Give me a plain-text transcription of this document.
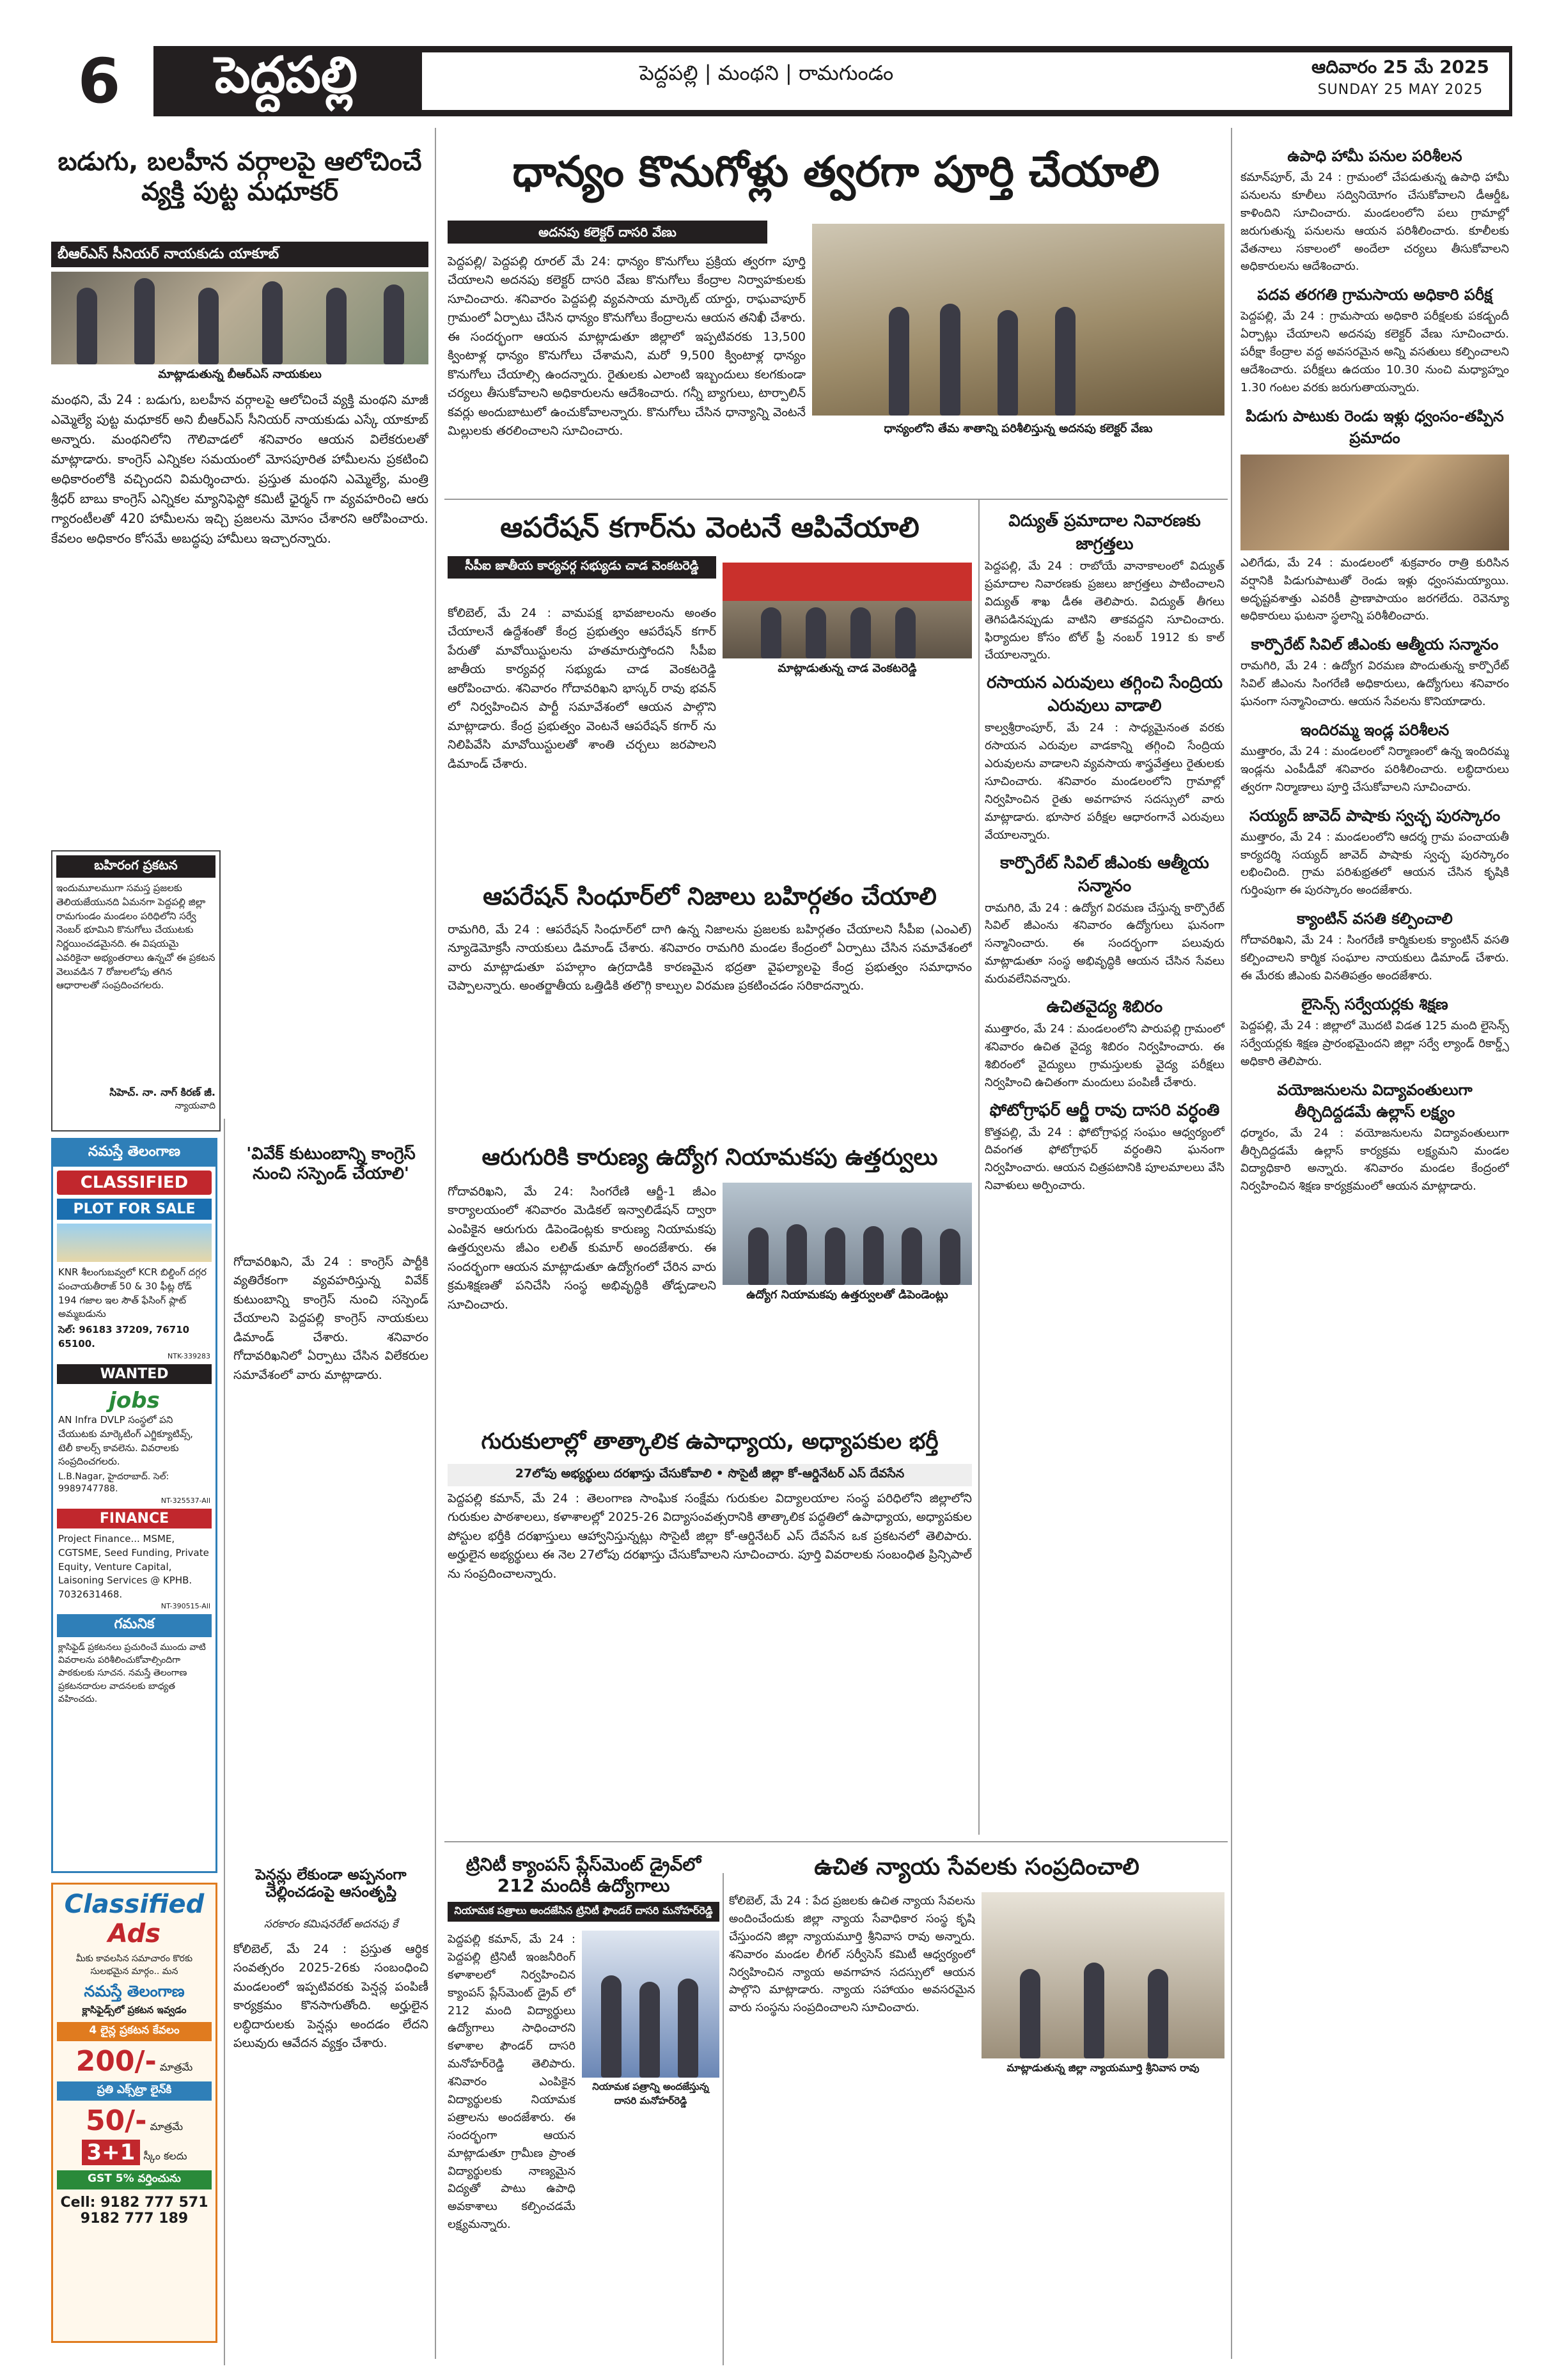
6	పెద్దపల్లి	పెద్దపల్లి | మంథని | రామగుండం	ఆదివారం 25 మే 2025
SUNDAY 25 MAY 2025
బడుగు, బలహీన వర్గాలపై ఆలోచించే వ్యక్తి పుట్ట మధూకర్
బీఆర్ఎస్ సీనియర్ నాయకుడు యాకూబ్
మాట్లాడుతున్న బీఆర్ఎస్ నాయకులు
మంథని, మే 24 : బడుగు, బలహీన వర్గాలపై ఆలోచించే వ్యక్తి మంథని మాజీ ఎమ్మెల్యే పుట్ట మధూకర్ అని బీఆర్ఎస్ సీనియర్ నాయకుడు ఎస్కే యాకూబ్ అన్నారు. మంథనిలోని గౌలివాడలో శనివారం ఆయన విలేకరులతో మాట్లాడారు. కాంగ్రెస్ ఎన్నికల సమయంలో మోసపూరిత హామీలను ప్రకటించి అధికారంలోకి వచ్చిందని విమర్శించారు. ప్రస్తుత మంథని ఎమ్మెల్యే, మంత్రి శ్రీధర్ బాబు కాంగ్రెస్ ఎన్నికల మ్యానిఫెస్టో కమిటీ ఛైర్మన్ గా వ్యవహరించి ఆరు గ్యారంటీలతో 420 హామీలను ఇచ్చి ప్రజలను మోసం చేశారని ఆరోపించారు. కేవలం అధికారం కోసమే అబద్ధపు హామీలు ఇచ్చారన్నారు.
బహిరంగ ప్రకటన
ఇందుమూలముగా సమస్త ప్రజలకు తెలియజేయునది ఏమనగా పెద్దపల్లి జిల్లా రామగుండం మండలం పరిధిలోని సర్వే నెంబర్ భూమిని కొనుగోలు చేయుటకు నిర్ణయించడమైనది. ఈ విషయమై ఎవరికైనా అభ్యంతరాలు ఉన్నచో ఈ ప్రకటన వెలువడిన 7 రోజులలోపు తగిన ఆధారాలతో సంప్రదించగలరు.
సిహెచ్. నా. నాగ్ కిరణ్ జీ.
న్యాయవాది
'వివేక్ కుటుంబాన్ని కాంగ్రెస్ నుంచి సస్పెండ్ చేయాలి'
గోదావరిఖని, మే 24 : కాంగ్రెస్ పార్టీకి వ్యతిరేకంగా వ్యవహరిస్తున్న వివేక్ కుటుంబాన్ని కాంగ్రెస్ నుంచి సస్పెండ్ చేయాలని పెద్దపల్లి కాంగ్రెస్ నాయకులు డిమాండ్ చేశారు. శనివారం గోదావరిఖనిలో ఏర్పాటు చేసిన విలేకరుల సమావేశంలో వారు మాట్లాడారు.
పెన్షన్లు లేకుండా అప్పనంగా చెల్లించడంపై ఆసంతృప్తి
సరకారం కమిషనరేట్ అదనపు కే
కోలిబెల్, మే 24 : ప్రస్తుత ఆర్థిక సంవత్సరం 2025-26కు సంబంధించి మండలంలో ఇప్పటివరకు పెన్షన్ల పంపిణీ కార్యక్రమం కొనసాగుతోంది. అర్హులైన లబ్ధిదారులకు పెన్షన్లు అందడం లేదని పలువురు ఆవేదన వ్యక్తం చేశారు.
నమస్తే తెలంగాణ
CLASSIFIED
PLOT FOR SALE
KNR శీలంగుబవ్వలో KCR బిల్డింగ్ దగ్గర పంచాయతీరాజ్ 50 & 30 ఫీట్ల రోడ్ 194 గజాల ఇల సౌత్ ఫేసింగ్ ప్లాట్ అమ్మబడును
సెల్: 96183 37209, 76710 65100.
NTK-339283
WANTED
jobs
AN Infra DVLP సంస్థలో పని చేయుటకు మార్కెటింగ్ ఎగ్జిక్యూటివ్స్, టెలీ కాలర్స్ కావలెను. వివరాలకు సంప్రదించగలరు.
L.B.Nagar, హైదరాబాద్. సెల్: 9989747788.
NT-325537-All
FINANCE
Project Finance... MSME, CGTSME, Seed Funding, Private Equity, Venture Capital, Laisoning Services @ KPHB. 7032631468.
NT-390515-All
గమనిక
క్లాసిఫైడ్ ప్రకటనలు ప్రచురించే ముందు వాటి వివరాలను పరిశీలించుకోవాల్సిందిగా పాఠకులకు సూచన. నమస్తే తెలంగాణ ప్రకటనదారుల వాదనలకు బాధ్యత వహించదు.
Classified
Ads
మీకు కావలసిన సమాచారం కొరకు సులభమైన మార్గం.. మన
నమస్తే తెలంగాణ
క్లాసిఫైడ్స్‌లో ప్రకటన ఇవ్వడం
4 లైన్ల ప్రకటన కేవలం
200/- మాత్రమే
ప్రతి ఎక్స్‌ట్రా లైన్‌కి
50/- మాత్రమే
3+1 స్కీం కలదు
GST 5% వర్తించును
Cell: 9182 777 571
9182 777 189
ధాన్యం కొనుగోళ్లు త్వరగా పూర్తి చేయాలి
అదనపు కలెక్టర్ దాసరి వేణు
పెద్దపల్లి/ పెద్దపల్లి రూరల్ మే 24: ధాన్యం కొనుగోలు ప్రక్రియ త్వరగా పూర్తి చేయాలని అదనపు కలెక్టర్ దాసరి వేణు కొనుగోలు కేంద్రాల నిర్వాహకులకు సూచించారు. శనివారం పెద్దపల్లి వ్యవసాయ మార్కెట్ యార్డు, రాఘవాపూర్ గ్రామంలో ఏర్పాటు చేసిన ధాన్యం కొనుగోలు కేంద్రాలను ఆయన తనిఖీ చేశారు. ఈ సందర్భంగా ఆయన మాట్లాడుతూ జిల్లాలో ఇప్పటివరకు 13,500 క్వింటాళ్ల ధాన్యం కొనుగోలు చేశామని, మరో 9,500 క్వింటాళ్ల ధాన్యం కొనుగోలు చేయాల్సి ఉందన్నారు. రైతులకు ఎలాంటి ఇబ్బందులు కలగకుండా చర్యలు తీసుకోవాలని అధికారులను ఆదేశించారు. గన్నీ బ్యాగులు, టార్పాలిన్ కవర్లు అందుబాటులో ఉంచుకోవాలన్నారు. కొనుగోలు చేసిన ధాన్యాన్ని వెంటనే మిల్లులకు తరలించాలని సూచించారు.	ధాన్యంలోని తేమ శాతాన్ని పరిశీలిస్తున్న అదనపు కలెక్టర్ వేణు
ఆపరేషన్ కగార్‌ను వెంటనే ఆపివేయాలి
సీపీఐ జాతీయ కార్యవర్గ సభ్యుడు చాడ వెంకటరెడ్డి
కోలిబెల్, మే 24 : వామపక్ష భావజాలంను అంతం చేయాలనే ఉద్దేశంతో కేంద్ర ప్రభుత్వం ఆపరేషన్ కగార్ పేరుతో మావోయిస్టులను హతమారుస్తోందని సీపీఐ జాతీయ కార్యవర్గ సభ్యుడు చాడ వెంకటరెడ్డి ఆరోపించారు. శనివారం గోదావరిఖని భాస్కర్ రావు భవన్ లో నిర్వహించిన పార్టీ సమావేశంలో ఆయన పాల్గొని మాట్లాడారు. కేంద్ర ప్రభుత్వం వెంటనే ఆపరేషన్ కగార్ ను నిలిపివేసి మావోయిస్టులతో శాంతి చర్చలు జరపాలని డిమాండ్ చేశారు.
మాట్లాడుతున్న చాడ వెంకటరెడ్డి
ఆపరేషన్ సింధూర్‌లో నిజాలు బహిర్గతం చేయాలి
రామగిరి, మే 24 : ఆపరేషన్ సింధూర్‌లో దాగి ఉన్న నిజాలను ప్రజలకు బహిర్గతం చేయాలని సీపీఐ (ఎంఎల్) న్యూడెమోక్రసీ నాయకులు డిమాండ్ చేశారు. శనివారం రామగిరి మండల కేంద్రంలో ఏర్పాటు చేసిన సమావేశంలో వారు మాట్లాడుతూ పహల్గాం ఉగ్రదాడికి కారణమైన భద్రతా వైఫల్యాలపై కేంద్ర ప్రభుత్వం సమాధానం చెప్పాలన్నారు. అంతర్జాతీయ ఒత్తిడికి తలొగ్గి కాల్పుల విరమణ ప్రకటించడం సరికాదన్నారు.
ఆరుగురికి కారుణ్య ఉద్యోగ నియామకపు ఉత్తర్వులు
గోదావరిఖని, మే 24: సింగరేణి ఆర్జీ-1 జీఎం కార్యాలయంలో శనివారం మెడికల్ ఇన్వాలిడేషన్ ద్వారా ఎంపికైన ఆరుగురు డిపెండెంట్లకు కారుణ్య నియామకపు ఉత్తర్వులను జీఎం లలిత్ కుమార్ అందజేశారు. ఈ సందర్భంగా ఆయన మాట్లాడుతూ ఉద్యోగంలో చేరిన వారు క్రమశిక్షణతో పనిచేసి సంస్థ అభివృద్ధికి తోడ్పడాలని సూచించారు.
ఉద్యోగ నియామకపు ఉత్తర్వులతో డిపెండెంట్లు
గురుకులాల్లో తాత్కాలిక ఉపాధ్యాయ, అధ్యాపకుల భర్తీ
27లోపు అభ్యర్థులు దరఖాస్తు చేసుకోవాలి • సొసైటీ జిల్లా కో-ఆర్డినేటర్ ఎస్ దేవసేన
పెద్దపల్లి కమాన్, మే 24 : తెలంగాణ సాంఘిక సంక్షేమ గురుకుల విద్యాలయాల సంస్థ పరిధిలోని జిల్లాలోని గురుకుల పాఠశాలలు, కళాశాలల్లో 2025-26 విద్యాసంవత్సరానికి తాత్కాలిక పద్ధతిలో ఉపాధ్యాయ, అధ్యాపకుల పోస్టుల భర్తీకి దరఖాస్తులు ఆహ్వానిస్తున్నట్లు సొసైటీ జిల్లా కో-ఆర్డినేటర్ ఎస్ దేవసేన ఒక ప్రకటనలో తెలిపారు. అర్హులైన అభ్యర్థులు ఈ నెల 27లోపు దరఖాస్తు చేసుకోవాలని సూచించారు. పూర్తి వివరాలకు సంబంధిత ప్రిన్సిపాల్ ను సంప్రదించాలన్నారు.
ట్రినిటీ క్యాంపస్ ప్లేస్‌మెంట్ డ్రైవ్‌లో 212 మందికి ఉద్యోగాలు
నియామక పత్రాలు అందజేసిన ట్రినిటీ ఫౌండర్ దాసరి మనోహర్‌రెడ్డి
పెద్దపల్లి కమాన్, మే 24 : పెద్దపల్లి ట్రినిటీ ఇంజనీరింగ్ కళాశాలలో నిర్వహించిన క్యాంపస్ ప్లేస్‌మెంట్ డ్రైవ్ లో 212 మంది విద్యార్థులు ఉద్యోగాలు సాధించారని కళాశాల ఫౌండర్ దాసరి మనోహర్‌రెడ్డి తెలిపారు. శనివారం ఎంపికైన విద్యార్థులకు నియామక పత్రాలను అందజేశారు. ఈ సందర్భంగా ఆయన మాట్లాడుతూ గ్రామీణ ప్రాంత విద్యార్థులకు నాణ్యమైన విద్యతో పాటు ఉపాధి అవకాశాలు కల్పించడమే లక్ష్యమన్నారు.
నియామక పత్రాన్ని అందజేస్తున్న దాసరి మనోహర్‌రెడ్డి
ఉచిత న్యాయ సేవలకు సంప్రదించాలి
కోలిబెల్, మే 24 : పేద ప్రజలకు ఉచిత న్యాయ సేవలను అందించేందుకు జిల్లా న్యాయ సేవాధికార సంస్థ కృషి చేస్తుందని జిల్లా న్యాయమూర్తి శ్రీనివాస రావు అన్నారు. శనివారం మండల లీగల్ సర్వీసెస్ కమిటీ ఆధ్వర్యంలో నిర్వహించిన న్యాయ అవగాహన సదస్సులో ఆయన పాల్గొని మాట్లాడారు. న్యాయ సహాయం అవసరమైన వారు సంస్థను సంప్రదించాలని సూచించారు.
మాట్లాడుతున్న జిల్లా న్యాయమూర్తి శ్రీనివాస రావు
విద్యుత్ ప్రమాదాల నివారణకు జాగ్రత్తలు
పెద్దపల్లి, మే 24 : రాబోయే వానాకాలంలో విద్యుత్ ప్రమాదాల నివారణకు ప్రజలు జాగ్రత్తలు పాటించాలని విద్యుత్ శాఖ డీఈ తెలిపారు. విద్యుత్ తీగలు తెగిపడినప్పుడు వాటిని తాకవద్దని సూచించారు. ఫిర్యాదుల కోసం టోల్ ఫ్రీ నంబర్ 1912 కు కాల్ చేయాలన్నారు.
రసాయన ఎరువులు తగ్గించి సేంద్రియ ఎరువులు వాడాలి
కాల్వశ్రీరాంపూర్, మే 24 : సాధ్యమైనంత వరకు రసాయన ఎరువుల వాడకాన్ని తగ్గించి సేంద్రియ ఎరువులను వాడాలని వ్యవసాయ శాస్త్రవేత్తలు రైతులకు సూచించారు. శనివారం మండలంలోని గ్రామాల్లో నిర్వహించిన రైతు అవగాహన సదస్సులో వారు మాట్లాడారు. భూసార పరీక్షల ఆధారంగానే ఎరువులు వేయాలన్నారు.
కార్పొరేట్ సివిల్ జీఎంకు ఆత్మీయ సన్మానం
రామగిరి, మే 24 : ఉద్యోగ విరమణ చేస్తున్న కార్పొరేట్ సివిల్ జీఎంను శనివారం ఉద్యోగులు ఘనంగా సన్మానించారు. ఈ సందర్భంగా పలువురు మాట్లాడుతూ సంస్థ అభివృద్ధికి ఆయన చేసిన సేవలు మరువలేనివన్నారు.
ఉచితవైద్య శిబిరం
ముత్తారం, మే 24 : మండలంలోని పారుపల్లి గ్రామంలో శనివారం ఉచిత వైద్య శిబిరం నిర్వహించారు. ఈ శిబిరంలో వైద్యులు గ్రామస్తులకు వైద్య పరీక్షలు నిర్వహించి ఉచితంగా మందులు పంపిణీ చేశారు.
ఫోటోగ్రాఫర్ ఆర్జీ రావు దాసరి వర్ధంతి
కొత్తపల్లి, మే 24 : ఫోటోగ్రాఫర్ల సంఘం ఆధ్వర్యంలో దివంగత ఫోటోగ్రాఫర్ వర్ధంతిని ఘనంగా నిర్వహించారు. ఆయన చిత్రపటానికి పూలమాలలు వేసి నివాళులు అర్పించారు.
ఉపాధి హామీ పనుల పరిశీలన
కమాన్‌పూర్, మే 24 : గ్రామంలో చేపడుతున్న ఉపాధి హామీ పనులను కూలీలు సద్వినియోగం చేసుకోవాలని డీఆర్డీఓ కాళిందిని సూచించారు. మండలంలోని పలు గ్రామాల్లో జరుగుతున్న పనులను ఆయన పరిశీలించారు. కూలీలకు వేతనాలు సకాలంలో అందేలా చర్యలు తీసుకోవాలని అధికారులను ఆదేశించారు.
పదవ తరగతి గ్రామసాయ అధికారి పరీక్ష
పెద్దపల్లి, మే 24 : గ్రామసాయ అధికారి పరీక్షలకు పకడ్బందీ ఏర్పాట్లు చేయాలని అదనపు కలెక్టర్ వేణు సూచించారు. పరీక్షా కేంద్రాల వద్ద అవసరమైన అన్ని వసతులు కల్పించాలని ఆదేశించారు. పరీక్షలు ఉదయం 10.30 నుంచి మధ్యాహ్నం 1.30 గంటల వరకు జరుగుతాయన్నారు.
పిడుగు పాటుకు రెండు ఇళ్లు ధ్వంసం-తప్పిన ప్రమాదం
ఎలిగేడు, మే 24 : మండలంలో శుక్రవారం రాత్రి కురిసిన వర్షానికి పిడుగుపాటుతో రెండు ఇళ్లు ధ్వంసమయ్యాయి. అదృష్టవశాత్తు ఎవరికీ ప్రాణాపాయం జరగలేదు. రెవెన్యూ అధికారులు ఘటనా స్థలాన్ని పరిశీలించారు.
కార్పొరేట్ సివిల్ జీఎంకు ఆత్మీయ సన్మానం
రామగిరి, మే 24 : ఉద్యోగ విరమణ పొందుతున్న కార్పొరేట్ సివిల్ జీఎంను సింగరేణి అధికారులు, ఉద్యోగులు శనివారం ఘనంగా సన్మానించారు. ఆయన సేవలను కొనియాడారు.
ఇందిరమ్మ ఇండ్ల పరిశీలన
ముత్తారం, మే 24 : మండలంలో నిర్మాణంలో ఉన్న ఇందిరమ్మ ఇండ్లను ఎంపీడీవో శనివారం పరిశీలించారు. లబ్ధిదారులు త్వరగా నిర్మాణాలు పూర్తి చేసుకోవాలని సూచించారు.
సయ్యద్ జావెద్ పాషాకు స్వచ్ఛ పురస్కారం
ముత్తారం, మే 24 : మండలంలోని ఆదర్శ గ్రామ పంచాయతీ కార్యదర్శి సయ్యద్ జావెద్ పాషాకు స్వచ్ఛ పురస్కారం లభించింది. గ్రామ పరిశుభ్రతలో ఆయన చేసిన కృషికి గుర్తింపుగా ఈ పురస్కారం అందజేశారు.
క్యాంటిన్ వసతి కల్పించాలి
గోదావరిఖని, మే 24 : సింగరేణి కార్మికులకు క్యాంటిన్ వసతి కల్పించాలని కార్మిక సంఘాల నాయకులు డిమాండ్ చేశారు. ఈ మేరకు జీఎంకు వినతిపత్రం అందజేశారు.
లైసెన్స్ సర్వేయర్లకు శిక్షణ
పెద్దపల్లి, మే 24 : జిల్లాలో మొదటి విడత 125 మంది లైసెన్స్ సర్వేయర్లకు శిక్షణ ప్రారంభమైందని జిల్లా సర్వే ల్యాండ్ రికార్డ్స్ అధికారి తెలిపారు.
వయోజనులను విద్యావంతులుగా తీర్చిదిద్దడమే ఉల్లాస్ లక్ష్యం
ధర్మారం, మే 24 : వయోజనులను విద్యావంతులుగా తీర్చిదిద్దడమే ఉల్లాస్ కార్యక్రమ లక్ష్యమని మండల విద్యాధికారి అన్నారు. శనివారం మండల కేంద్రంలో నిర్వహించిన శిక్షణ కార్యక్రమంలో ఆయన మాట్లాడారు.
